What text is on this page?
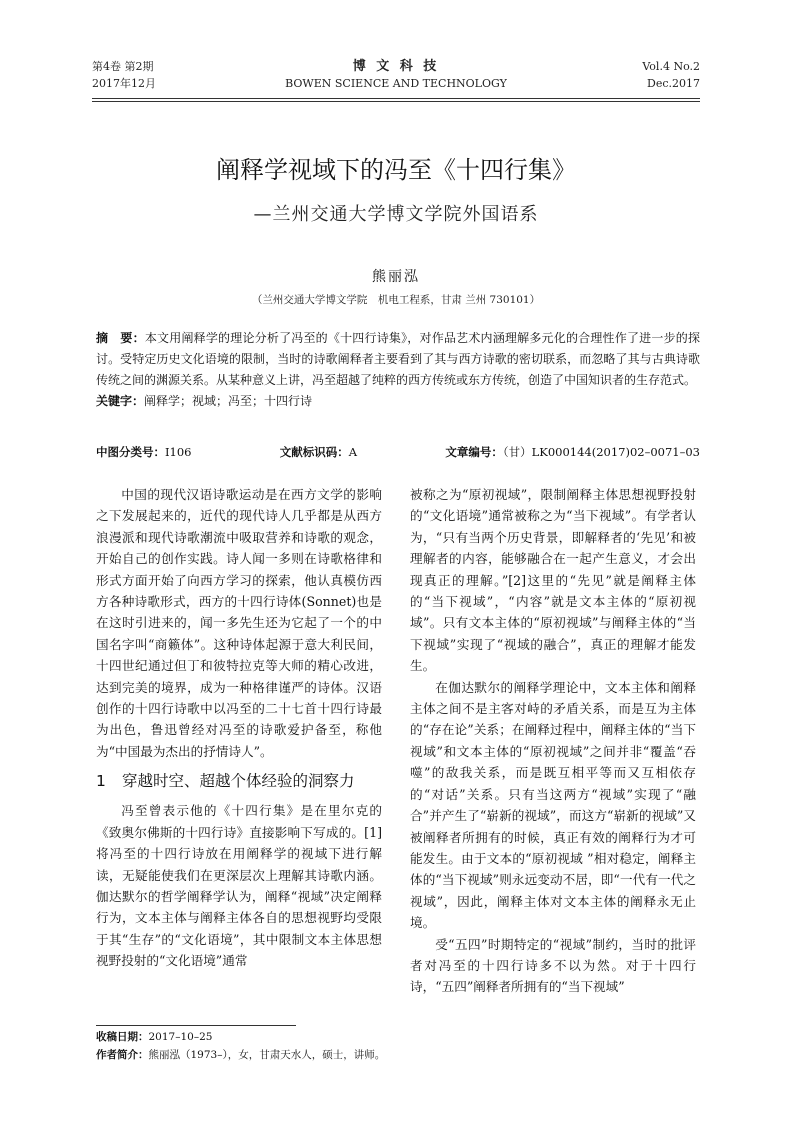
第4卷 第2期	博 文 科 技	Vol.4 No.2
2017年12月	BOWEN SCIENCE AND TECHNOLOGY	Dec.2017
阐释学视域下的冯至《十四行集》
—兰州交通大学博文学院外国语系
熊丽泓
（兰州交通大学博文学院　机电工程系，甘肃 兰州 730101）

摘　要：本文用阐释学的理论分析了冯至的《十四行诗集》，对作品艺术内涵理解多元化的合理性作了进一步的探讨。受特定历史文化语境的限制，当时的诗歌阐释者主要看到了其与西方诗歌的密切联系，而忽略了其与古典诗歌传统之间的渊源关系。从某种意义上讲，冯至超越了纯粹的西方传统或东方传统，创造了中国知识者的生存范式。

关键字：阐释学；视域；冯至；十四行诗

中图分类号：I106	文献标识码：A	文章编号：（甘）LK000144(2017)02–0071–03

中国的现代汉语诗歌运动是在西方文学的影响之下发展起来的，近代的现代诗人几乎都是从西方浪漫派和现代诗歌潮流中吸取营养和诗歌的观念，开始自己的创作实践。诗人闻一多则在诗歌格律和形式方面开始了向西方学习的探索，他认真模仿西方各种诗歌形式，西方的十四行诗体(Sonnet)也是在这时引进来的，闻一多先生还为它起了一个的中国名字叫“商籁体”。这种诗体起源于意大利民间，十四世纪通过但丁和彼特拉克等大师的精心改进，达到完美的境界，成为一种格律谨严的诗体。汉语创作的十四行诗歌中以冯至的二十七首十四行诗最为出色，鲁迅曾经对冯至的诗歌爱护备至，称他为“中国最为杰出的抒情诗人”。

1	穿越时空、超越个体经验的洞察力

冯至曾表示他的《十四行集》是在里尔克的《致奥尔佛斯的十四行诗》直接影响下写成的。[1]将冯至的十四行诗放在用阐释学的视域下进行解读，无疑能使我们在更深层次上理解其诗歌内涵。伽达默尔的哲学阐释学认为，阐释“视域”决定阐释行为，文本主体与阐释主体各自的思想视野均受限于其“生存”的“文化语境”，其中限制文本主体思想视野投射的“文化语境”通常

被称之为“原初视域”，限制阐释主体思想视野投射的“文化语境”通常被称之为“当下视域”。有学者认为，“只有当两个历史背景，即解释者的‘先见’和被理解者的内容，能够融合在一起产生意义，才会出现真正的理解。”[2]这里的“先见”就是阐释主体的“当下视域”，“内容”就是文本主体的“原初视域”。只有文本主体的“原初视域”与阐释主体的“当下视域”实现了“视域的融合”，真正的理解才能发生。

在伽达默尔的阐释学理论中，文本主体和阐释主体之间不是主客对峙的矛盾关系，而是互为主体的“存在论”关系；在阐释过程中，阐释主体的“当下视域”和文本主体的“原初视域”之间并非“覆盖“吞噬”的敌我关系，而是既互相平等而又互相依存的“对话”关系。只有当这两方“视域”实现了“融合”并产生了“崭新的视域”，而这方“崭新的视域”又被阐释者所拥有的时候，真正有效的阐释行为才可能发生。由于文本的“原初视域 ”相对稳定，阐释主体的“当下视域”则永远变动不居，即“一代有一代之视域”，因此，阐释主体对文本主体的阐释永无止境。

受“五四”时期特定的“视域”制约，当时的批评者对冯至的十四行诗多不以为然。对于十四行诗，“五四”阐释者所拥有的“当下视域”

收稿日期：2017–10–25
作者简介：熊丽泓（1973–），女，甘肃天水人，硕士，讲师。
